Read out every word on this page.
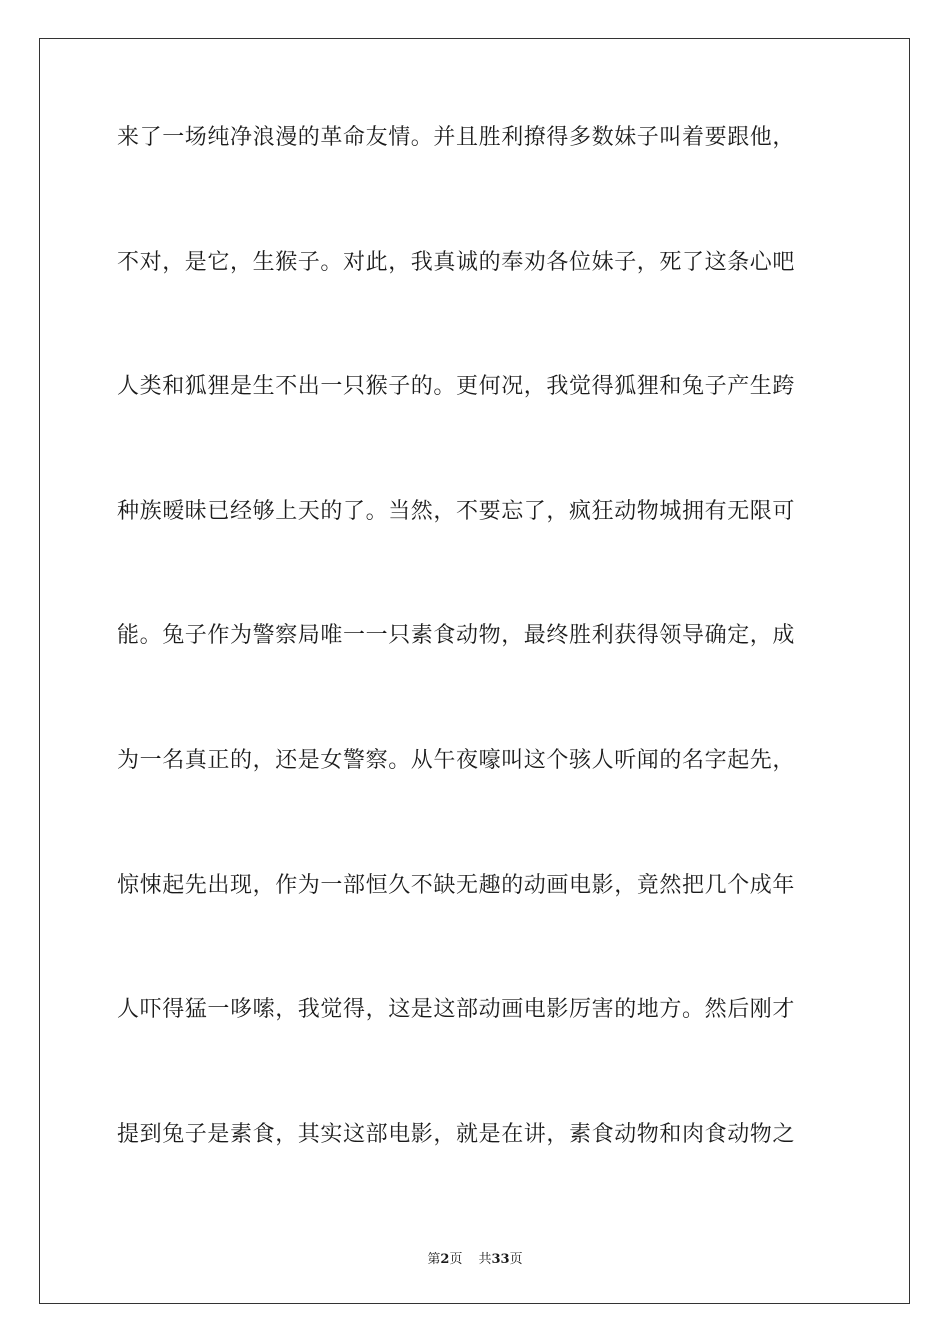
来了一场纯净浪漫的革命友情。并且胜利撩得多数妹子叫着要跟他，
不对，是它，生猴子。对此，我真诚的奉劝各位妹子，死了这条心吧
人类和狐狸是生不出一只猴子的。更何况，我觉得狐狸和兔子产生跨
种族暧昧已经够上天的了。当然，不要忘了，疯狂动物城拥有无限可
能。兔子作为警察局唯一一只素食动物，最终胜利获得领导确定，成
为一名真正的，还是女警察。从午夜嚎叫这个骇人听闻的名字起先，
惊悚起先出现，作为一部恒久不缺无趣的动画电影，竟然把几个成年
人吓得猛一哆嗦，我觉得，这是这部动画电影厉害的地方。然后刚才
提到兔子是素食，其实这部电影，就是在讲，素食动物和肉食动物之
第2页 共33页
